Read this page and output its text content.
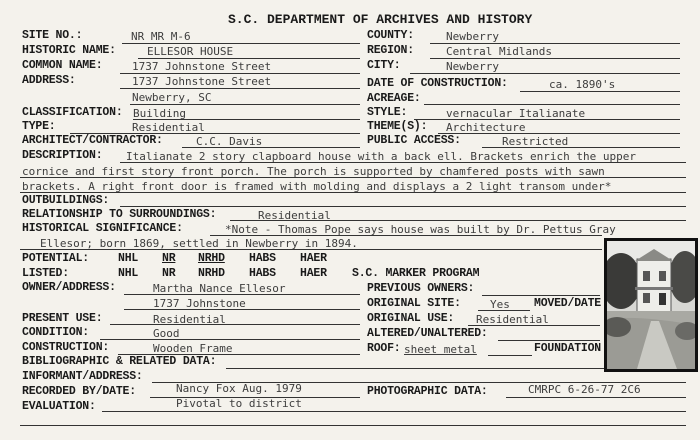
S.C. DEPARTMENT OF ARCHIVES AND HISTORY
SITE NO.:	NR MR M-6	COUNTY:	Newberry
HISTORIC NAME:	ELLESOR HOUSE	REGION:	Central Midlands
COMMON NAME:	1737 Johnstone Street	CITY:	Newberry
ADDRESS:	1737 Johnstone Street
Newberry, SC
DATE OF CONSTRUCTION:	ca. 1890's
ACREAGE:
CLASSIFICATION: Building	STYLE:	vernacular Italianate
TYPE:	Residential	THEME(S): Architecture
ARCHITECT/CONTRACTOR:	C.C. Davis	PUBLIC ACCESS:	Restricted
DESCRIPTION: Italianate 2 story clapboard house with a back ell. Brackets enrich the upper
cornice and first story front porch. The porch is supported by chamfered posts with sawn
brackets. A right front door is framed with molding and displays a 2 light transom under*
OUTBUILDINGS:
RELATIONSHIP TO SURROUNDINGS:	Residential
HISTORICAL SIGNIFICANCE:	*Note - Thomas Pope says house was built by Dr. Pettus Gray
Ellesor; born 1869, settled in Newberry in 1894.
POTENTIAL:	NHL NR NRHD HABS HAER
LISTED:	NHL NR NRHD HABS HAER S.C. MARKER PROGRAM
OWNER/ADDRESS:	Martha Nance Ellesor
1737 Johnstone
PREVIOUS OWNERS:
ORIGINAL SITE:	Yes MOVED/DATE
PRESENT USE:	Residential	ORIGINAL USE: Residential
CONDITION:	Good	ALTERED/UNALTERED:
CONSTRUCTION:	Wooden Frame	ROOF: sheet metal	FOUNDATION
BIBLIOGRAPHIC & RELATED DATA:
INFORMANT/ADDRESS:
RECORDED BY/DATE:	Nancy Fox Aug. 1979	PHOTOGRAPHIC DATA:	CMRPC 6-26-77 2C6
EVALUATION:	Pivotal to district
